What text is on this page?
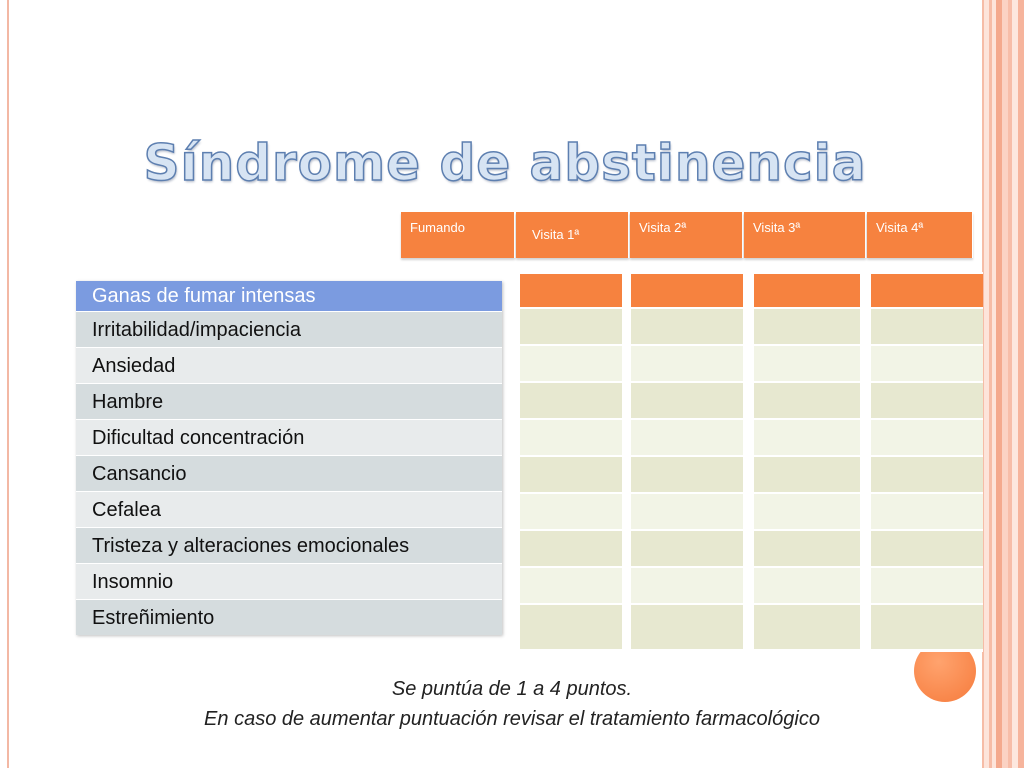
Síndrome de abstinencia
Fumando	Visita 1ª	Visita 2ª	Visita 3ª	Visita 4ª
Ganas de fumar intensas
Irritabilidad/impaciencia
Ansiedad
Hambre
Dificultad concentración
Cansancio
Cefalea
Tristeza y alteraciones emocionales
Insomnio
Estreñimiento
Se puntúa de 1 a 4 puntos.
En caso de aumentar puntuación revisar el tratamiento farmacológico
